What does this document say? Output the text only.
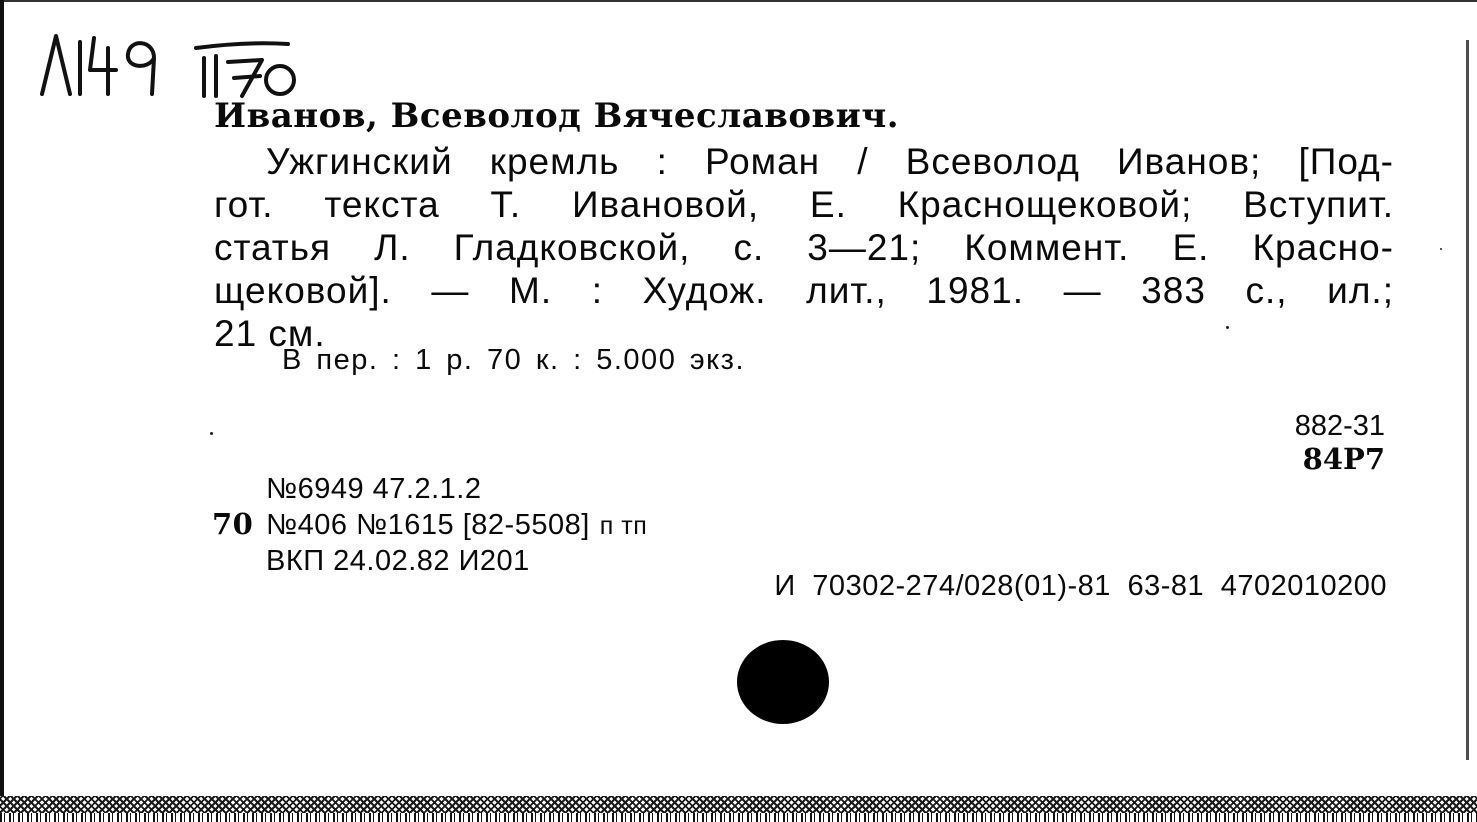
Иванов, Всеволод Вячеславович.
Ужгинский кремль : Роман / Всеволод Иванов; [Под-
гот. текста Т. Ивановой, Е. Краснощековой; Вступит.
статья Л. Гладковской, с. 3—21; Коммент. Е. Красно-
щековой]. — М. : Худож. лит., 1981. — 383 с., ил.;
21 см.
В пер. : 1 р. 70 к. : 5.000 экз.
882-31
84Р7
№6949 47.2.1.2
70 №406 №1615 [82-5508] п тп
ВКП 24.02.82 И201
И 70302-274/028(01)-81 63-81 4702010200
